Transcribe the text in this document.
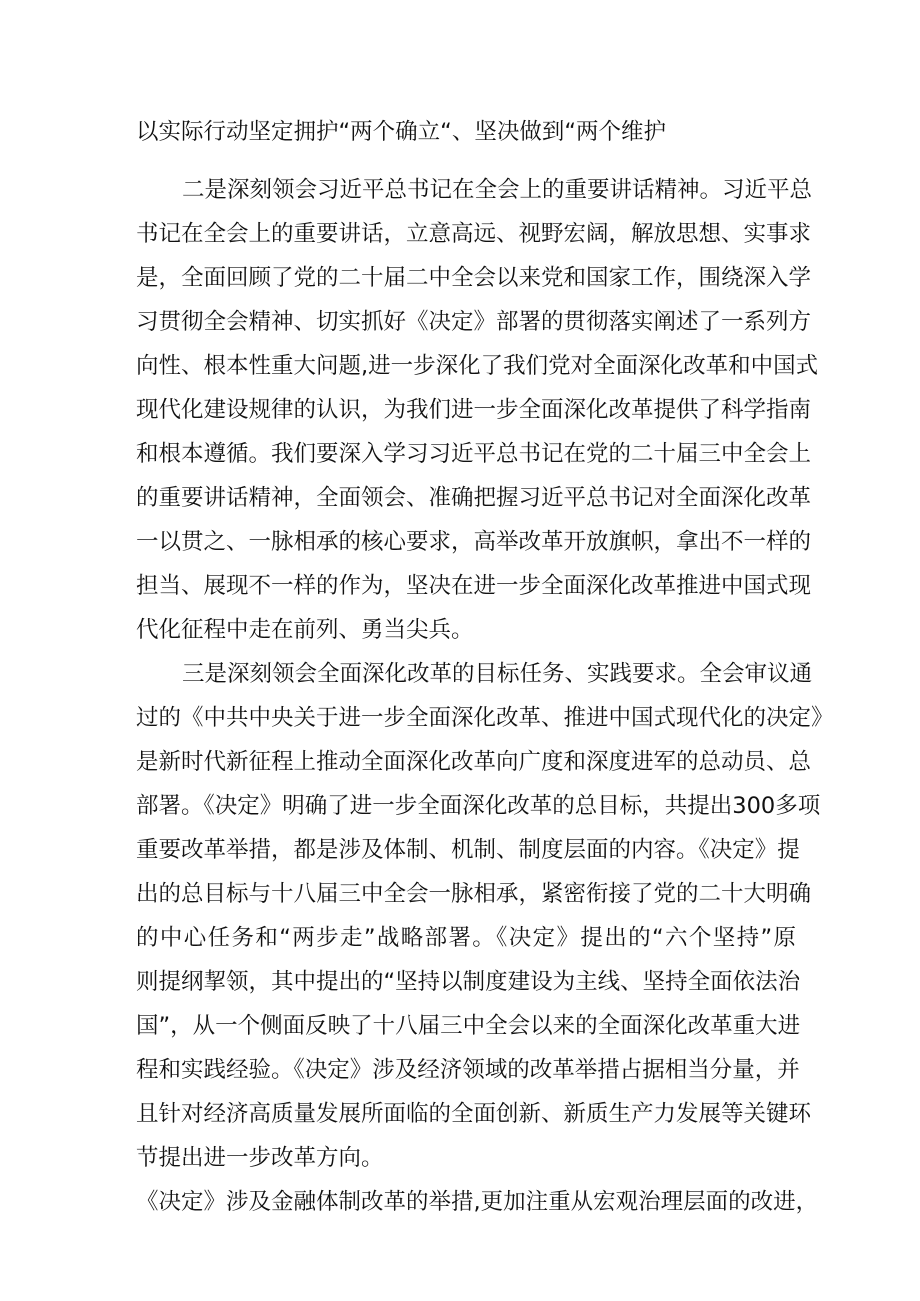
以实际行动坚定拥护“两个确立“、坚决做到“两个维护
二是深刻领会习近平总书记在全会上的重要讲话精神。习近平总
书记在全会上的重要讲话，立意高远、视野宏阔，解放思想、实事求
是，全面回顾了党的二十届二中全会以来党和国家工作，围绕深入学
习贯彻全会精神、切实抓好《决定》部署的贯彻落实阐述了一系列方
向性、根本性重大问题,进一步深化了我们党对全面深化改革和中国式
现代化建设规律的认识，为我们进一步全面深化改革提供了科学指南
和根本遵循。我们要深入学习习近平总书记在党的二十届三中全会上
的重要讲话精神，全面领会、准确把握习近平总书记对全面深化改革
一以贯之、一脉相承的核心要求，高举改革开放旗帜，拿出不一样的
担当、展现不一样的作为，坚决在进一步全面深化改革推进中国式现
代化征程中走在前列、勇当尖兵。
三是深刻领会全面深化改革的目标任务、实践要求。全会审议通
过的《中共中央关于进一步全面深化改革、推进中国式现代化的决定》
是新时代新征程上推动全面深化改革向广度和深度进军的总动员、总
部署。《决定》明确了进一步全面深化改革的总目标，共提出300多项
重要改革举措，都是涉及体制、机制、制度层面的内容。《决定》提
出的总目标与十八届三中全会一脉相承，紧密衔接了党的二十大明确
的中心任务和“两步走”战略部署。《决定》提出的“六个坚持”原
则提纲挈领，其中提出的“坚持以制度建设为主线、坚持全面依法治
国”，从一个侧面反映了十八届三中全会以来的全面深化改革重大进
程和实践经验。《决定》涉及经济领域的改革举措占据相当分量，并
且针对经济高质量发展所面临的全面创新、新质生产力发展等关键环
节提出进一步改革方向。
《决定》涉及金融体制改革的举措,更加注重从宏观治理层面的改进，
